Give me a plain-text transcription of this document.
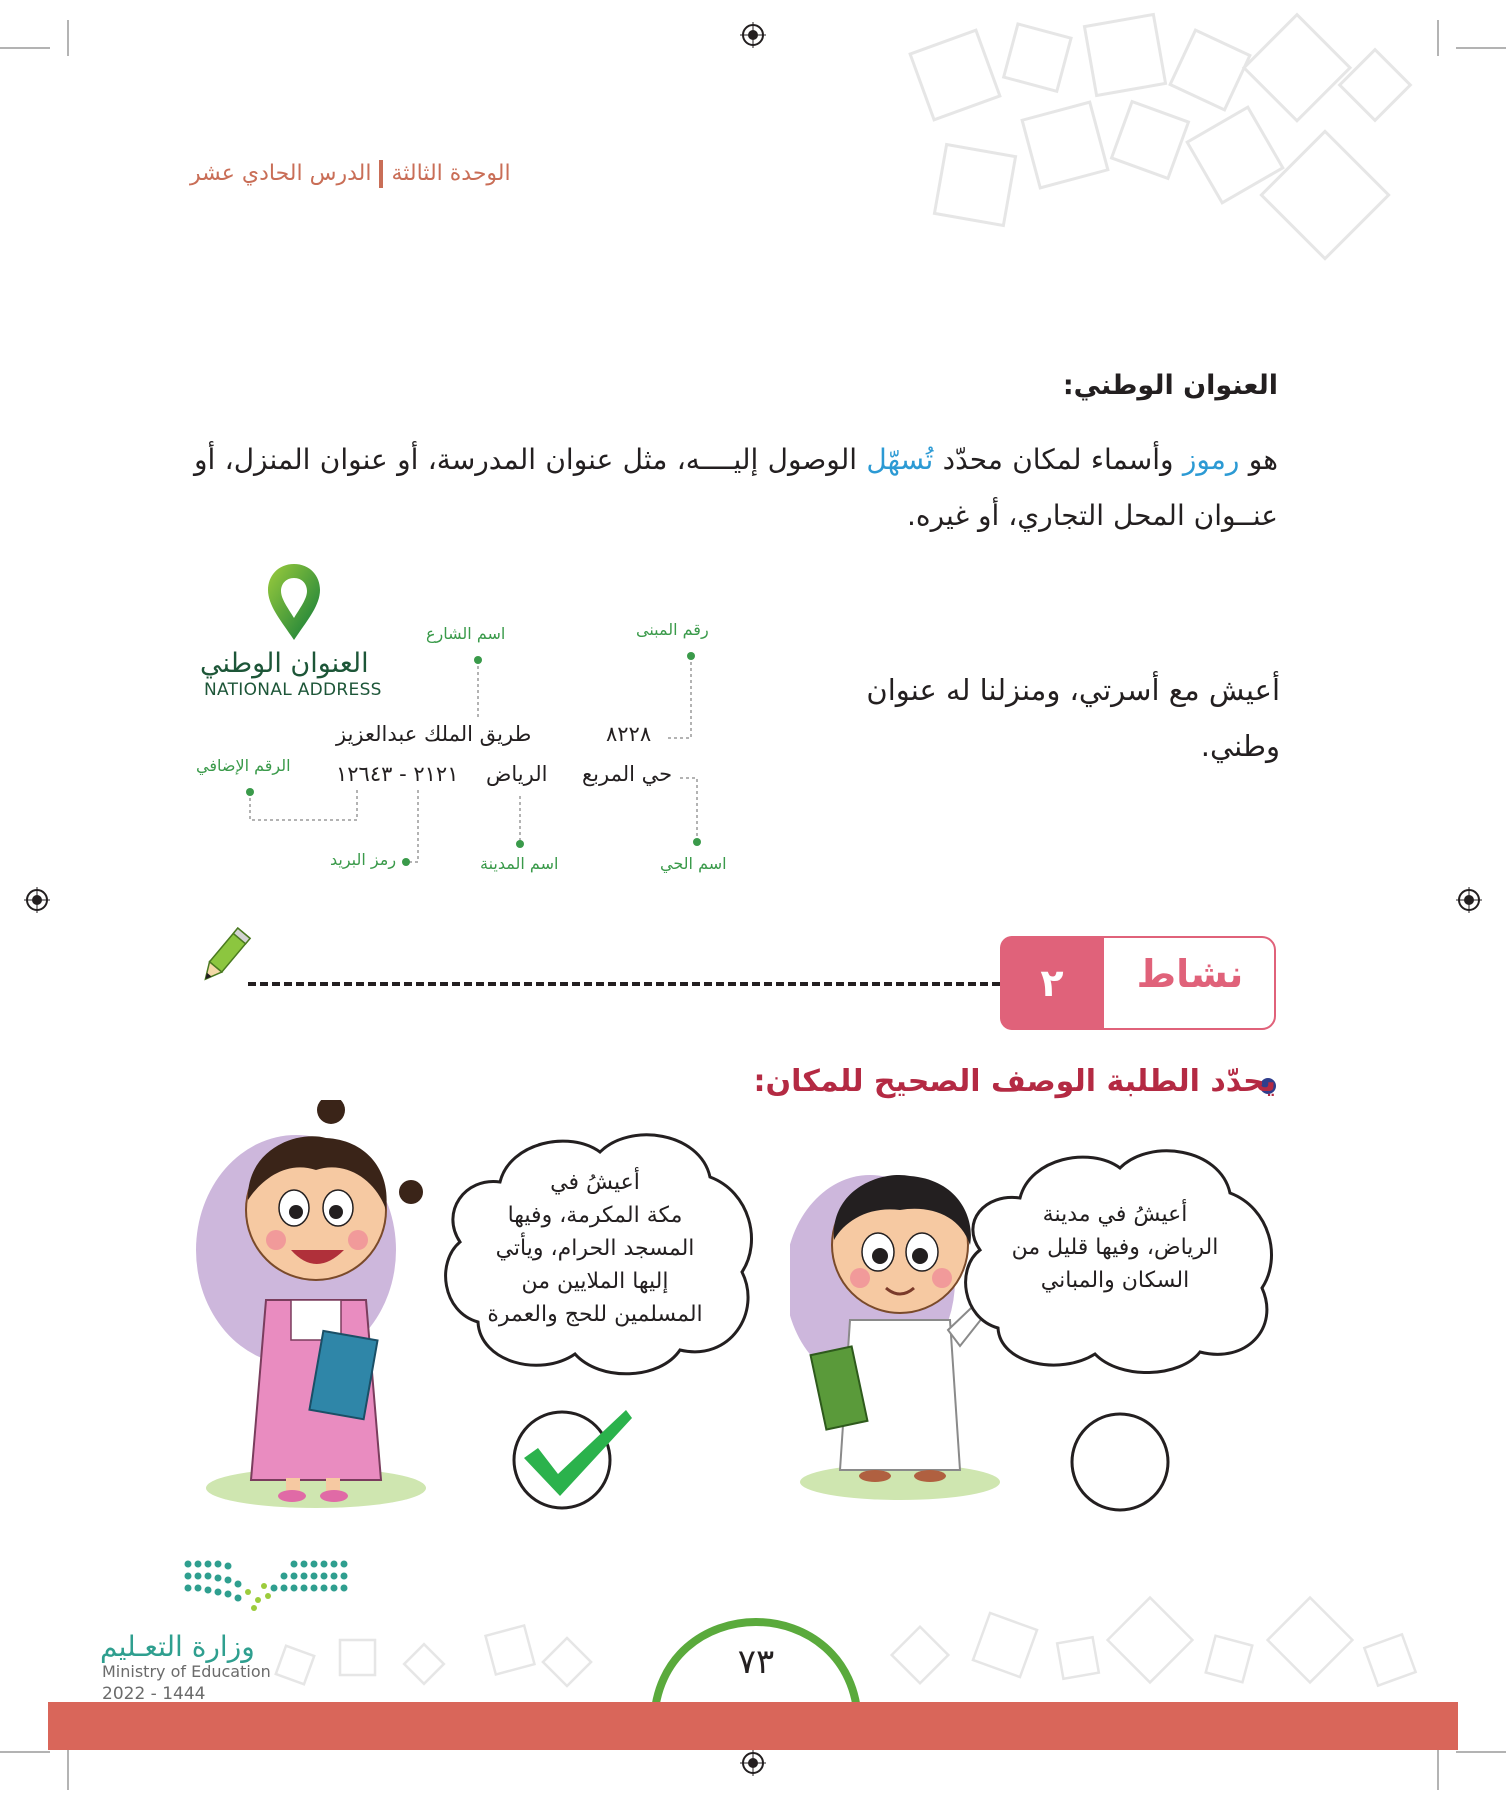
الوحدة الثالثةالدرس الحادي عشر
العنوان الوطني:
هو رموز وأسماء لمكان محدّد تُسهّل الوصول إليــــه، مثل عنوان المدرسة، أو عنوان المنزل، أو عنــوان المحل التجاري، أو غيره.
أعيش مع أسرتي، ومنزلنا له عنوان وطني.
العنوان الوطني
NATIONAL ADDRESS
٨٢٢٨
طريق الملك عبدالعزيز
حي المربع
الرياض
٢١٢١ - ١٢٦٤٣
رقم المبنى
اسم الشارع
الرقم الإضافي
رمز البريد	اسم المدينة	اسم الحي
٢	نشاط
يحدّد الطلبة الوصف الصحيح للمكان:
أعيشُ في
مكة المكرمة، وفيها
المسجد الحرام، ويأتي
إليها الملايين من
المسلمين للحج والعمرة
أعيشُ في مدينة
الرياض، وفيها قليل من
السكان والمباني
٧٣
وزارة التعـليم
Ministry of Education
2022 - 1444
